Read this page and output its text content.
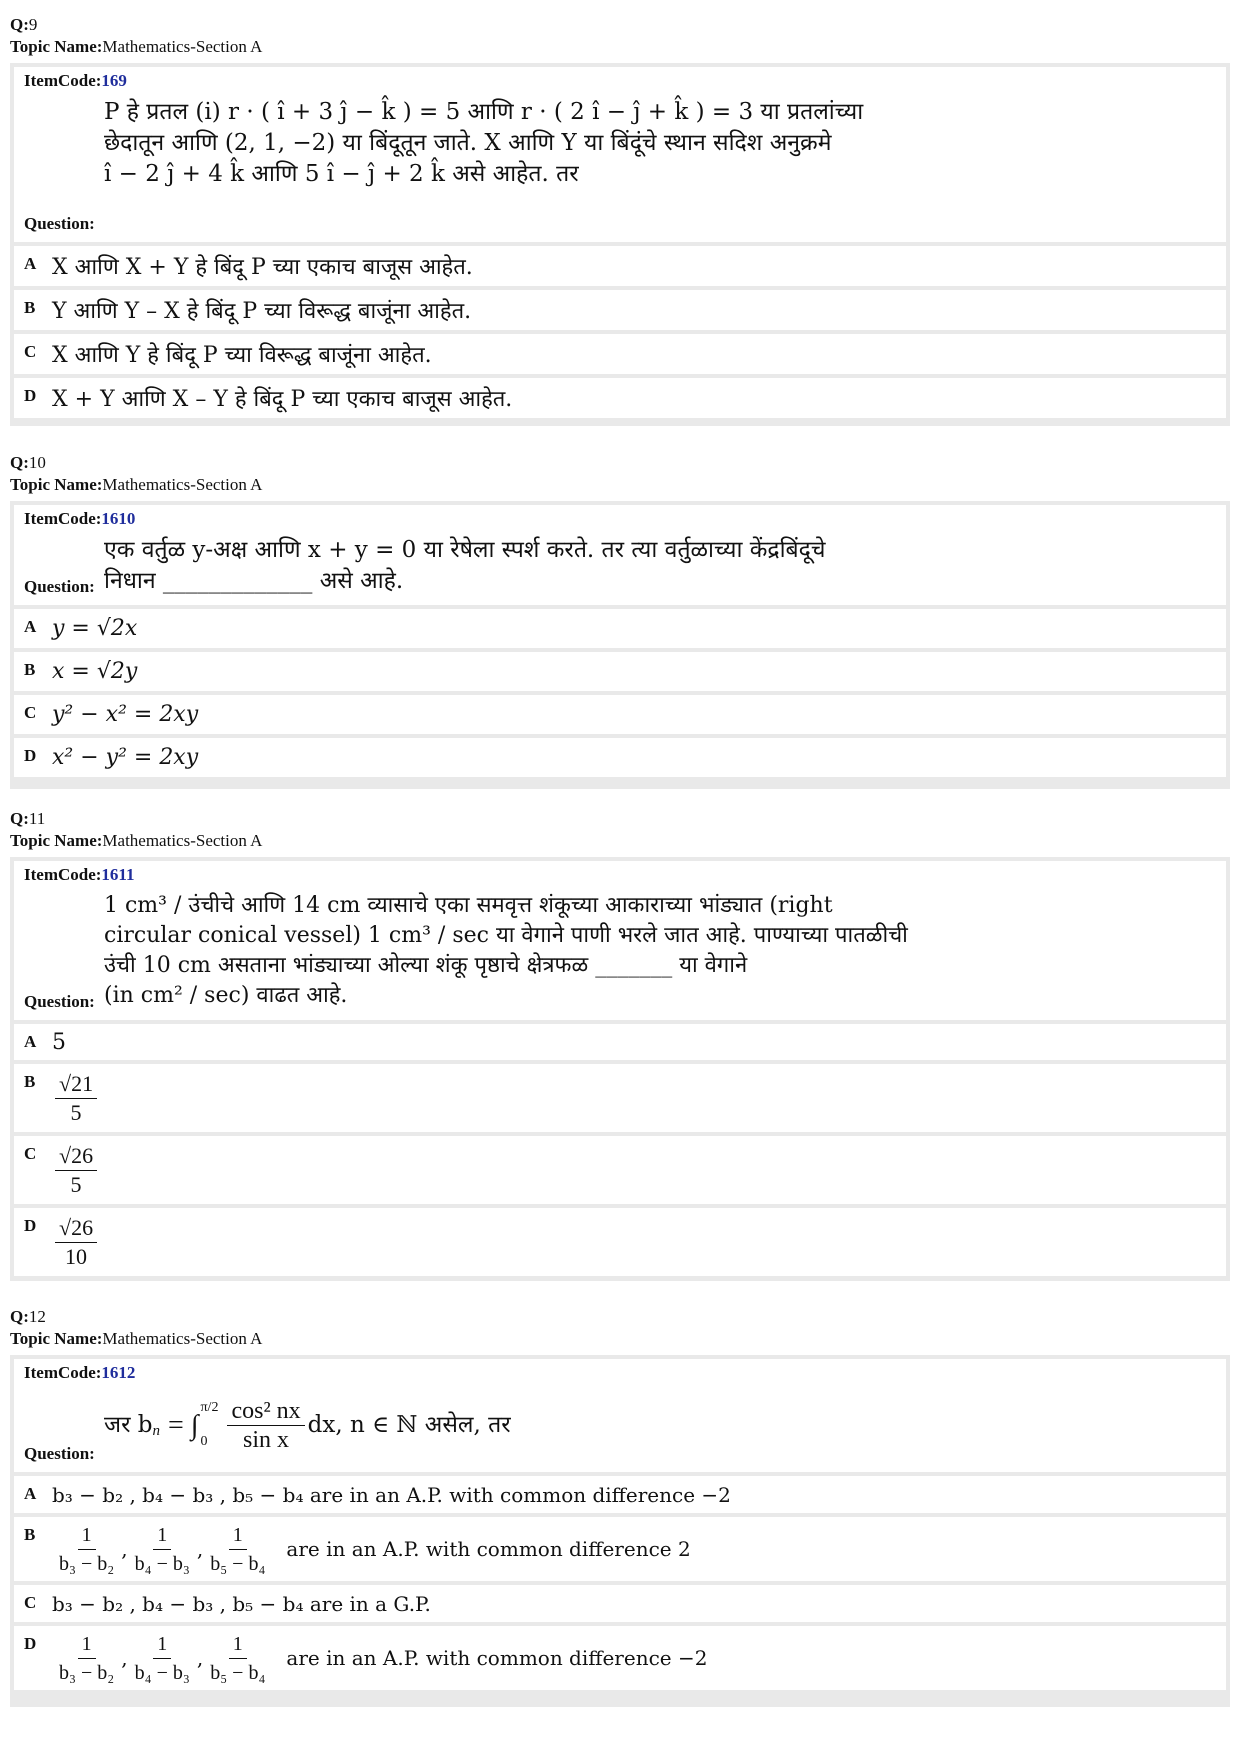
Q:9
Topic Name:Mathematics-Section A
ItemCode:169
P हे प्रतल (i) r · ( î + 3 ĵ − k̂ ) = 5 आणि r · ( 2 î − ĵ + k̂ ) = 3 या प्रतलांच्या
छेदातून आणि (2, 1, −2) या बिंदूतून जाते. X आणि Y या बिंदूंचे स्थान सदिश अनुक्रमे
î − 2 ĵ + 4 k̂ आणि 5 î − ĵ + 2 k̂ असे आहेत. तर
Question:
A X आणि X + Y हे बिंदू P च्या एकाच बाजूस आहेत.
B Y आणि Y – X हे बिंदू P च्या विरूद्ध बाजूंना आहेत.
C X आणि Y हे बिंदू P च्या विरूद्ध बाजूंना आहेत.
D X + Y आणि X – Y हे बिंदू P च्या एकाच बाजूस आहेत.
Q:10
Topic Name:Mathematics-Section A
ItemCode:1610
एक वर्तुळ y-अक्ष आणि x + y = 0 या रेषेला स्पर्श करते. तर त्या वर्तुळाच्या केंद्रबिंदूचे
निधान _____________ असे आहे.
Question:
A y = √2x
B x = √2y
C y² − x² = 2xy
D x² − y² = 2xy
Q:11
Topic Name:Mathematics-Section A
ItemCode:1611
1 cm³ / उंचीचे आणि 14 cm व्यासाचे एका समवृत्त शंकूच्या आकाराच्या भांड्यात (right
circular conical vessel) 1 cm³ / sec या वेगाने पाणी भरले जात आहे. पाण्याच्या पातळीची
उंची 10 cm असताना भांड्याच्या ओल्या शंकू पृष्ठाचे क्षेत्रफळ _______ या वेगाने
(in cm² / sec) वाढत आहे.
Question:
A 5
B $\frac{√21}{5}$
C $\frac{√26}{5}$
D $\frac{√26}{10}$
Q:12
Topic Name:Mathematics-Section A
ItemCode:1612
जर $b_n$ = ∫
π/2
$0 \frac{\text{cos² nx}}{\text{sin x}}$ dx, n ∈ ℕ असेल, तर
Question:
A b₃ − b₂ , b₄ − b₃ , b₅ − b₄ are in an A.P. with common difference −2
B $\frac{1}{\text{b₃ − b₂}}$ , $\frac{1}{\text{b₄ − b₃}}$ , $\frac{1}{\text{b₅ − b₄}}$ are in an A.P. with common difference 2
C b₃ − b₂ , b₄ − b₃ , b₅ − b₄ are in a G.P.
D $\frac{1}{\text{b₃ − b₂}}$ , $\frac{1}{\text{b₄ − b₃}}$ , $\frac{1}{\text{b₅ − b₄}}$ are in an A.P. with common difference −2
